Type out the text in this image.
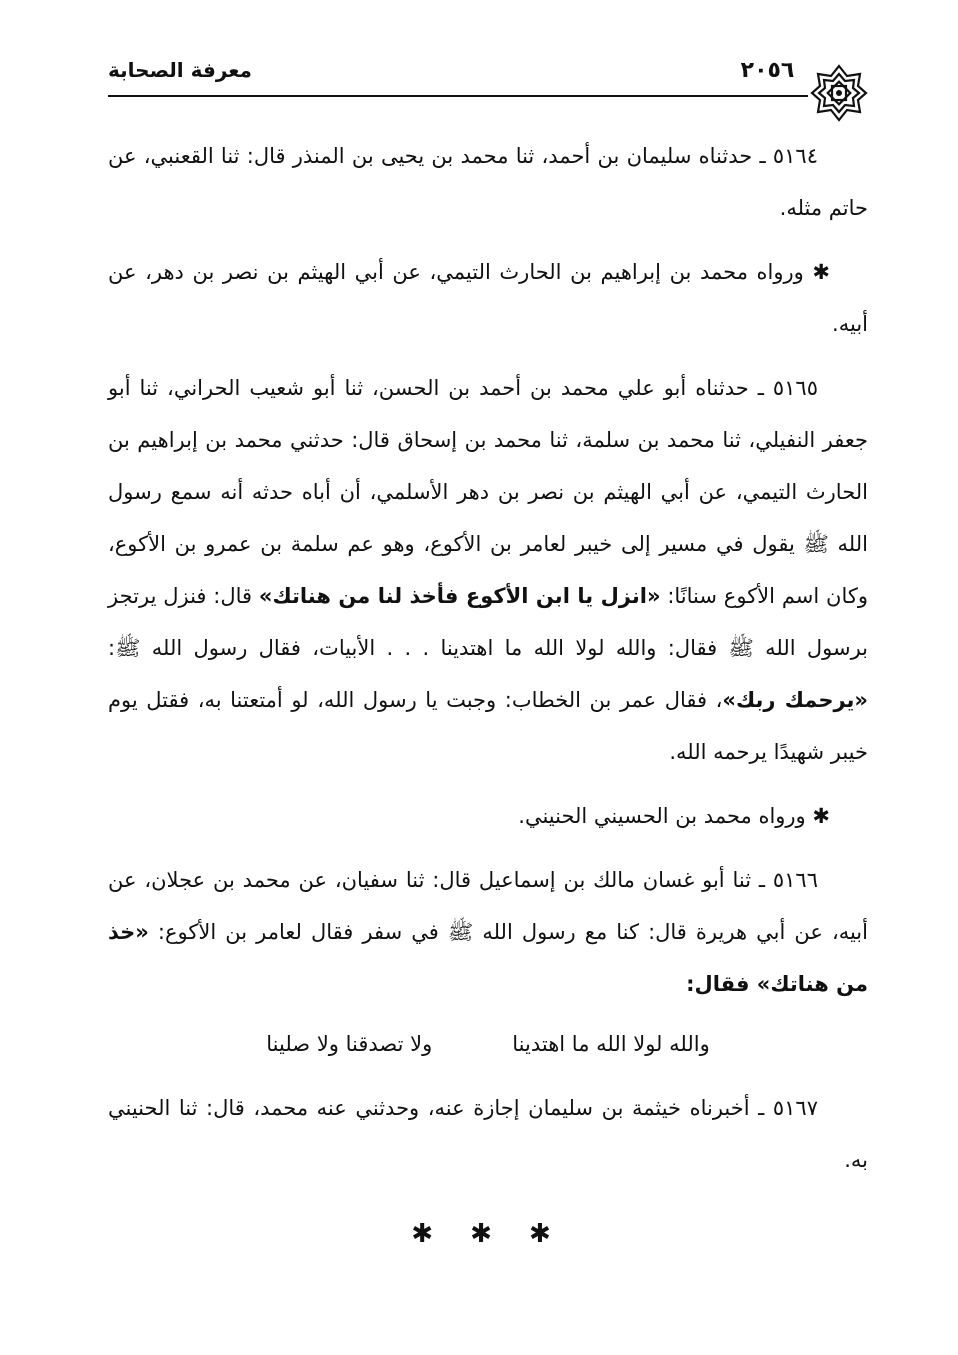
معرفة الصحابة	٢٠٥٦

٥١٦٤ ـ حدثناه سليمان بن أحمد، ثنا محمد بن يحيى بن المنذر قال: ثنا القعنبي، عن حاتم مثله.

✱ ورواه محمد بن إبراهيم بن الحارث التيمي، عن أبي الهيثم بن نصر بن دهر، عن أبيه.

٥١٦٥ ـ حدثناه أبو علي محمد بن أحمد بن الحسن، ثنا أبو شعيب الحراني، ثنا أبو جعفر النفيلي، ثنا محمد بن سلمة، ثنا محمد بن إسحاق قال: حدثني محمد بن إبراهيم بن الحارث التيمي، عن أبي الهيثم بن نصر بن دهر الأسلمي، أن أباه حدثه أنه سمع رسول الله ﷺ يقول في مسير إلى خيبر لعامر بن الأكوع، وهو عم سلمة بن عمرو بن الأكوع، وكان اسم الأكوع سنانًا: «انزل يا ابن الأكوع فأخذ لنا من هناتك» قال: فنزل يرتجز برسول الله ﷺ فقال: والله لولا الله ما اهتدينا . . . الأبيات، فقال رسول الله ﷺ: «يرحمك ربك»، فقال عمر بن الخطاب: وجبت يا رسول الله، لو أمتعتنا به، فقتل يوم خيبر شهيدًا يرحمه الله.

✱ ورواه محمد بن الحسيني الحنيني.

٥١٦٦ ـ ثنا أبو غسان مالك بن إسماعيل قال: ثنا سفيان، عن محمد بن عجلان، عن أبيه، عن أبي هريرة قال: كنا مع رسول الله ﷺ في سفر فقال لعامر بن الأكوع: «خذ من هناتك» فقال:

والله لولا الله ما اهتدينا
ولا تصدقنا ولا صلينا

٥١٦٧ ـ أخبرناه خيثمة بن سليمان إجازة عنه، وحدثني عنه محمد، قال: ثنا الحنيني به.

✱ ✱ ✱
